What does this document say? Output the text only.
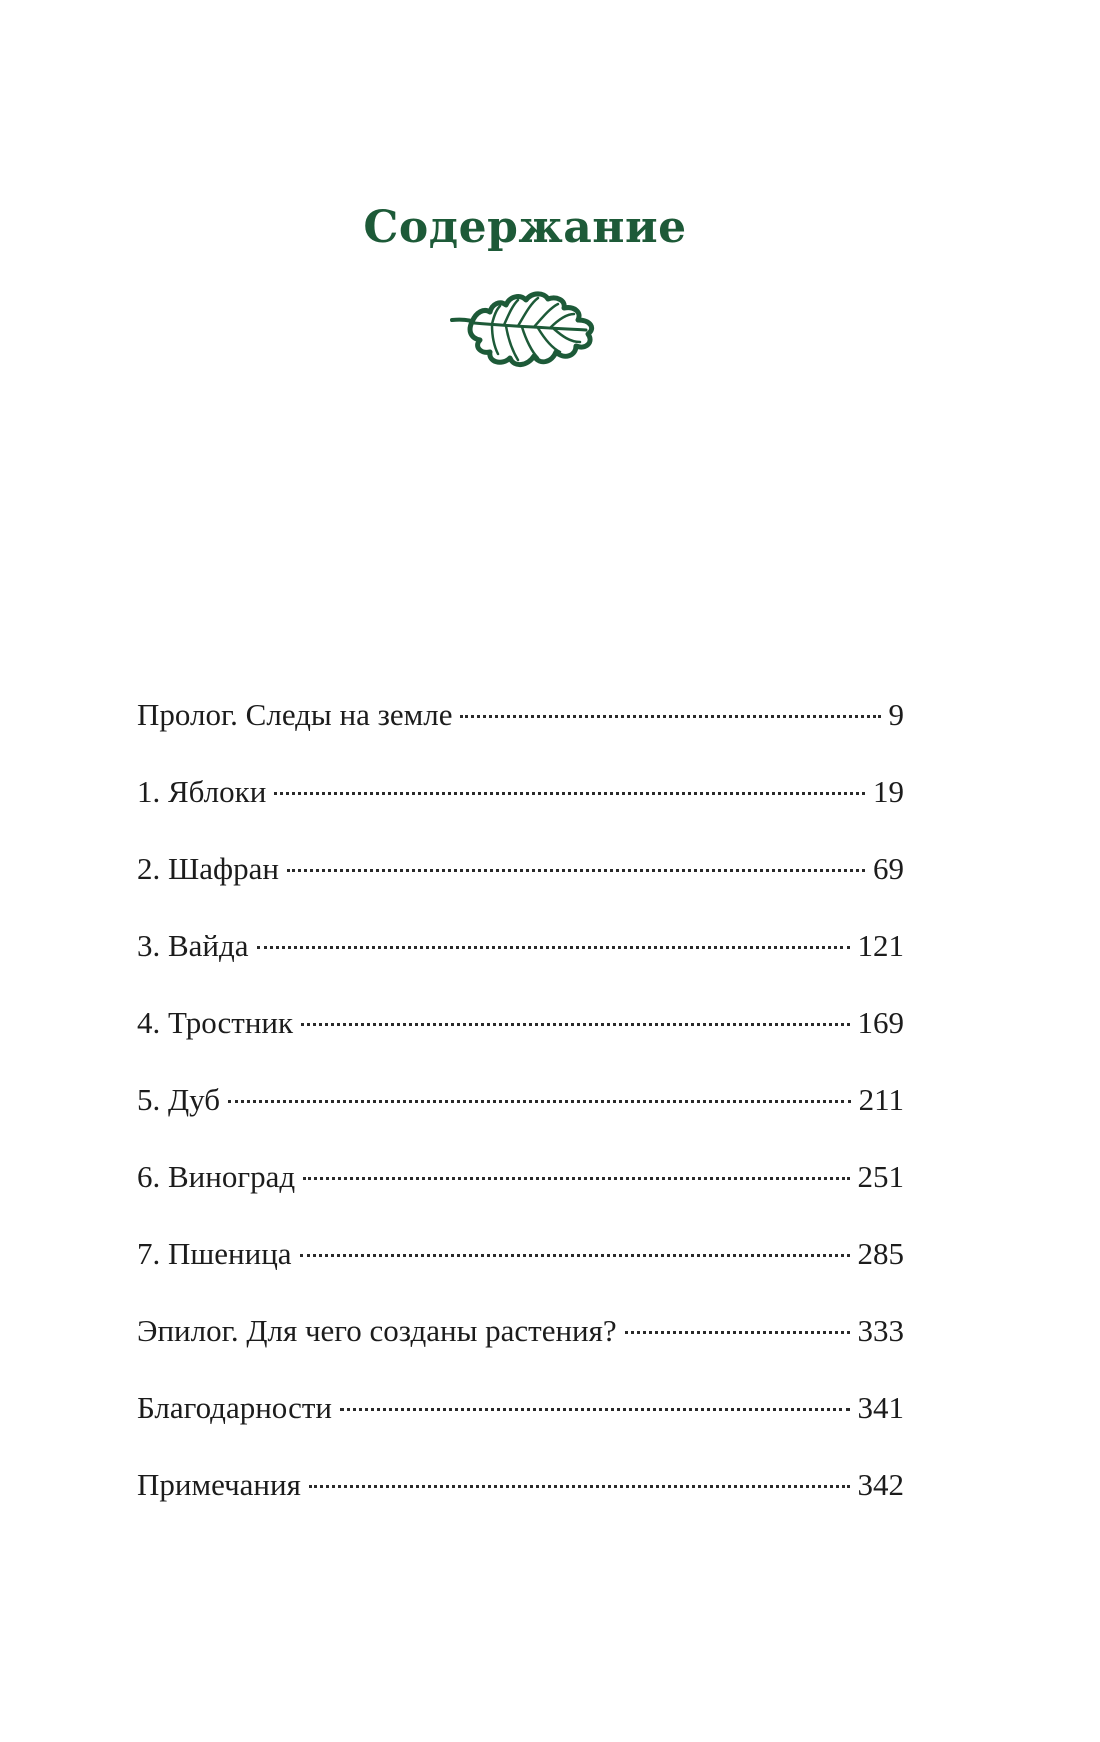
Содержание
Пролог. Следы на земле	9
1. Яблоки	19
2. Шафран	69
3. Вайда	121
4. Тростник	169
5. Дуб	211
6. Виноград	251
7. Пшеница	285
Эпилог. Для чего созданы растения?	333
Благодарности	341
Примечания	342
